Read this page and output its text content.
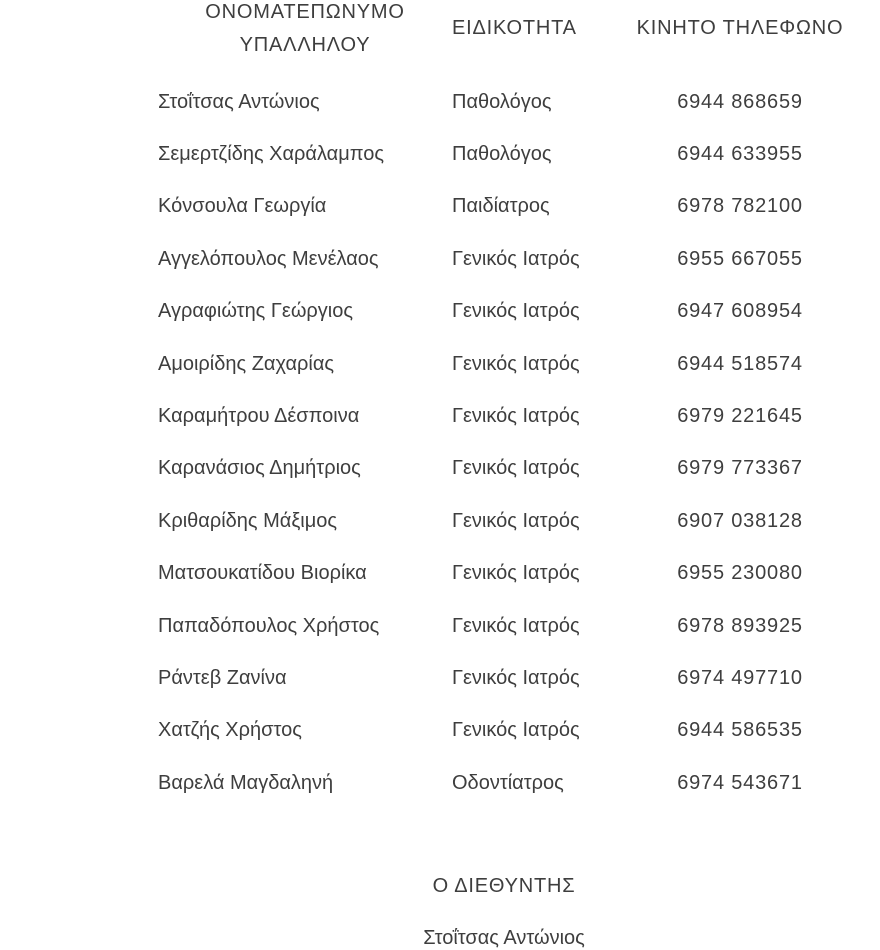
ΟΝΟΜΑΤΕΠΩΝΥΜΟ
ΥΠΑΛΛΗΛΟΥ
ΕΙΔΙΚΟΤΗΤΑ	ΚΙΝΗΤΟ ΤΗΛΕΦΩΝΟ
Στοΐτσας Αντώνιος	Παθολόγος	6944 868659
Σεμερτζίδης Χαράλαμπος	Παθολόγος	6944 633955
Κόνσουλα Γεωργία	Παιδίατρος	6978 782100
Αγγελόπουλος Μενέλαος	Γενικός Ιατρός	6955 667055
Αγραφιώτης Γεώργιος	Γενικός Ιατρός	6947 608954
Αμοιρίδης Ζαχαρίας	Γενικός Ιατρός	6944 518574
Καραμήτρου Δέσποινα	Γενικός Ιατρός	6979 221645
Καρανάσιος Δημήτριος	Γενικός Ιατρός	6979 773367
Κριθαρίδης Μάξιμος	Γενικός Ιατρός	6907 038128
Ματσουκατίδου Βιορίκα	Γενικός Ιατρός	6955 230080
Παπαδόπουλος Χρήστος	Γενικός Ιατρός	6978 893925
Ράντεβ Ζανίνα	Γενικός Ιατρός	6974 497710
Χατζής Χρήστος	Γενικός Ιατρός	6944 586535
Βαρελά Μαγδαληνή	Οδοντίατρος	6974 543671
Ο ΔΙΕΘΥΝΤΗΣ
Στοΐτσας Αντώνιος
